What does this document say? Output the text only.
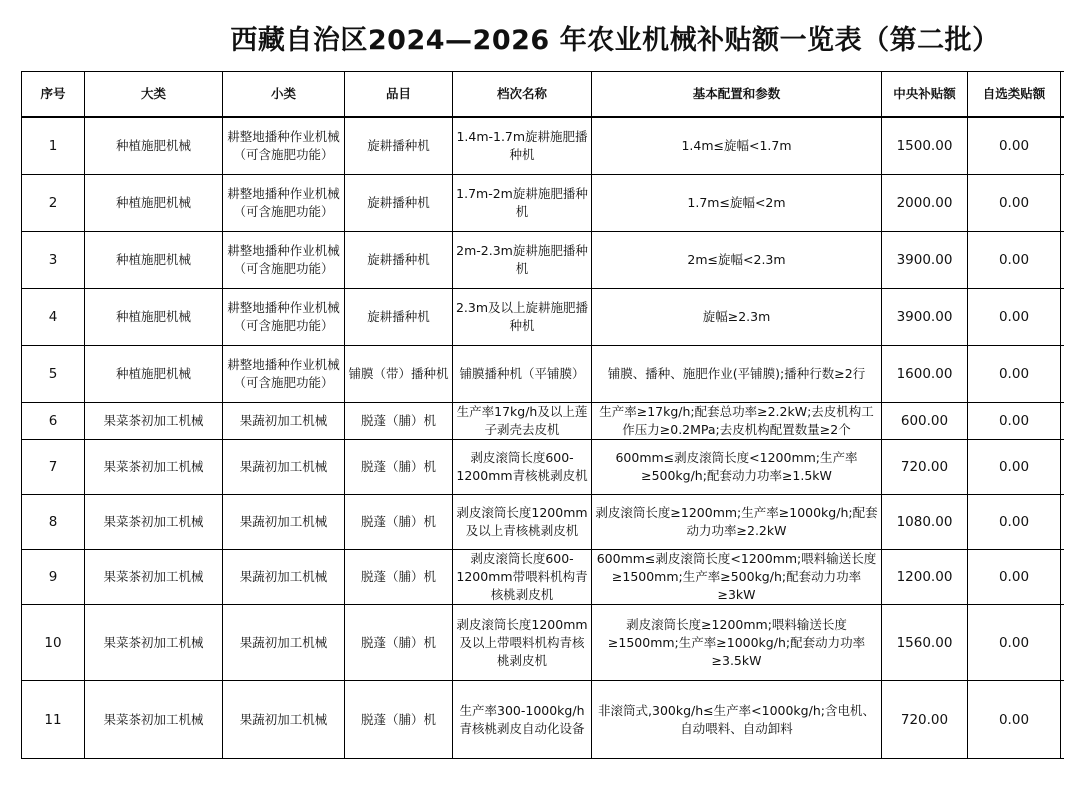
西藏自治区2024—2026 年农业机械补贴额一览表（第二批）
序号	大类	小类	品目	档次名称	基本配置和参数	中央补贴额	自选类贴额	
1	种植施肥机械	耕整地播种作业机械（可含施肥功能）	旋耕播种机	1.4m-1.7m旋耕施肥播种机	1.4m≤旋幅<1.7m	1500.00	0.00	
2	种植施肥机械	耕整地播种作业机械（可含施肥功能）	旋耕播种机	1.7m-2m旋耕施肥播种机	1.7m≤旋幅<2m	2000.00	0.00	
3	种植施肥机械	耕整地播种作业机械（可含施肥功能）	旋耕播种机	2m-2.3m旋耕施肥播种机	2m≤旋幅<2.3m	3900.00	0.00	
4	种植施肥机械	耕整地播种作业机械（可含施肥功能）	旋耕播种机	2.3m及以上旋耕施肥播种机	旋幅≥2.3m	3900.00	0.00	
5	种植施肥机械	耕整地播种作业机械（可含施肥功能）	铺膜（带）播种机	铺膜播种机（平铺膜）	铺膜、播种、施肥作业(平铺膜);播种行数≥2行	1600.00	0.00	
6	果菜茶初加工机械	果蔬初加工机械	脱蓬（脯）机	生产率17kg/h及以上莲子剥壳去皮机	生产率≥17kg/h;配套总功率≥2.2kW;去皮机构工作压力≥0.2MPa;去皮机构配置数量≥2个	600.00	0.00	
7	果菜茶初加工机械	果蔬初加工机械	脱蓬（脯）机	剥皮滚筒长度600-1200mm青核桃剥皮机	600mm≤剥皮滚筒长度<1200mm;生产率≥500kg/h;配套动力功率≥1.5kW	720.00	0.00	
8	果菜茶初加工机械	果蔬初加工机械	脱蓬（脯）机	剥皮滚筒长度1200mm及以上青核桃剥皮机	剥皮滚筒长度≥1200mm;生产率≥1000kg/h;配套动力功率≥2.2kW	1080.00	0.00	
9	果菜茶初加工机械	果蔬初加工机械	脱蓬（脯）机	剥皮滚筒长度600-1200mm带喂料机构青核桃剥皮机	600mm≤剥皮滚筒长度<1200mm;喂料输送长度≥1500mm;生产率≥500kg/h;配套动力功率≥3kW	1200.00	0.00	
10	果菜茶初加工机械	果蔬初加工机械	脱蓬（脯）机	剥皮滚筒长度1200mm及以上带喂料机构青核桃剥皮机	剥皮滚筒长度≥1200mm;喂料输送长度≥1500mm;生产率≥1000kg/h;配套动力功率≥3.5kW	1560.00	0.00	
11	果菜茶初加工机械	果蔬初加工机械	脱蓬（脯）机	生产率300-1000kg/h青核桃剥皮自动化设备	非滚筒式,300kg/h≤生产率<1000kg/h;含电机、自动喂料、自动卸料	720.00	0.00	
